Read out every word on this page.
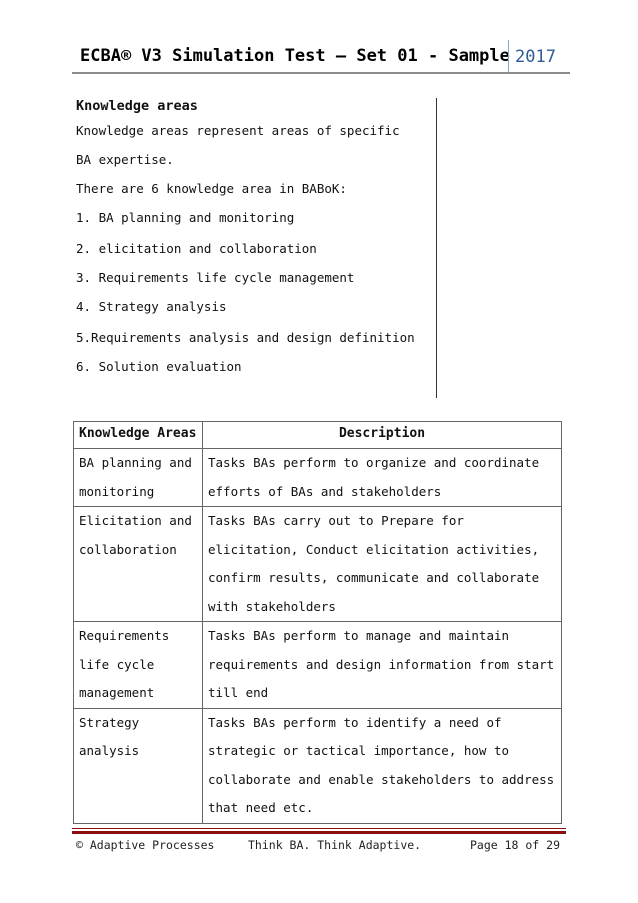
ECBA® V3 Simulation Test – Set 01 - Sample 2017

Knowledge areas

Knowledge areas represent areas of specific

BA expertise.

There are 6 knowledge area in BABoK:

1. BA planning and monitoring

2. elicitation and collaboration

3. Requirements life cycle management

4. Strategy analysis

5.Requirements analysis and design definition

6. Solution evaluation

Knowledge Areas	Description

BA planning and
monitoring	Tasks BAs perform to organize and coordinate
efforts of BAs and stakeholders

Elicitation and
collaboration	Tasks BAs carry out to Prepare for
elicitation, Conduct elicitation activities,
confirm results, communicate and collaborate
with stakeholders

Requirements
life cycle
management	Tasks BAs perform to manage and maintain
requirements and design information from start
till end

Strategy
analysis	Tasks BAs perform to identify a need of
strategic or tactical importance, how to
collaborate and enable stakeholders to address
that need etc.
© Adaptive Processes	Think BA. Think Adaptive.	Page 18 of 29
